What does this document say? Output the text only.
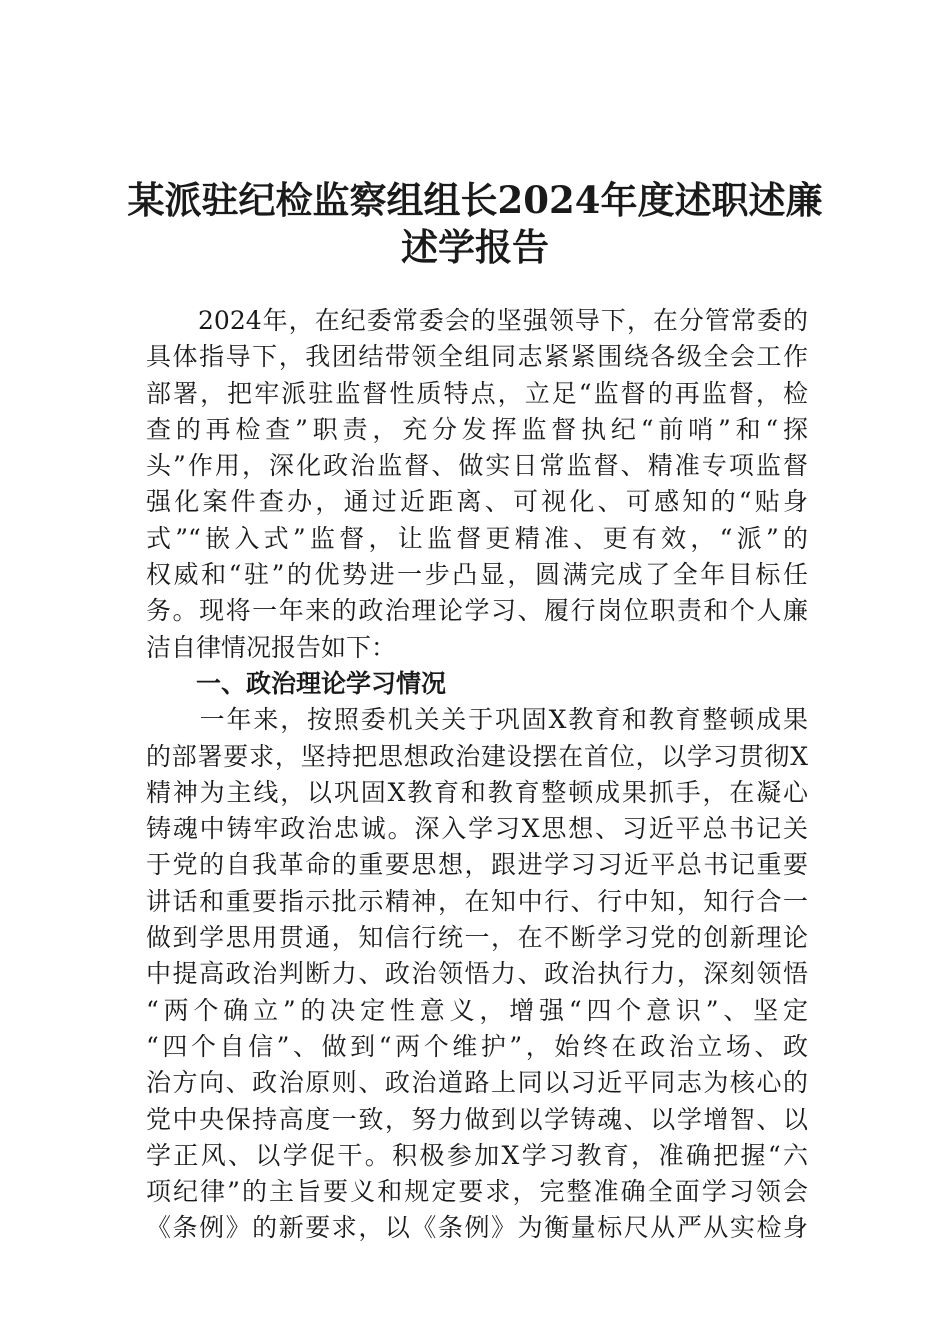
某派驻纪检监察组组长2024年度述职述廉
述学报告
　　2024年，在纪委常委会的坚强领导下，在分管常委的
具体指导下，我团结带领全组同志紧紧围绕各级全会工作
部署，把牢派驻监督性质特点，立足“监督的再监督，检
查的再检查”职责，充分发挥监督执纪“前哨”和“探
头”作用，深化政治监督、做实日常监督、精准专项监督
强化案件查办，通过近距离、可视化、可感知的“贴身
式”“嵌入式”监督，让监督更精准、更有效，“派”的
权威和“驻”的优势进一步凸显，圆满完成了全年目标任
务。现将一年来的政治理论学习、履行岗位职责和个人廉
洁自律情况报告如下：
一、政治理论学习情况
　　一年来，按照委机关关于巩固X教育和教育整顿成果
的部署要求，坚持把思想政治建设摆在首位，以学习贯彻X
精神为主线，以巩固X教育和教育整顿成果抓手，在凝心
铸魂中铸牢政治忠诚。深入学习X思想、习近平总书记关
于党的自我革命的重要思想，跟进学习习近平总书记重要
讲话和重要指示批示精神，在知中行、行中知，知行合一
做到学思用贯通，知信行统一，在不断学习党的创新理论
中提高政治判断力、政治领悟力、政治执行力，深刻领悟
“两个确立”的决定性意义，增强“四个意识”、坚定
“四个自信”、做到“两个维护”，始终在政治立场、政
治方向、政治原则、政治道路上同以习近平同志为核心的
党中央保持高度一致，努力做到以学铸魂、以学增智、以
学正风、以学促干。积极参加X学习教育，准确把握“六
项纪律”的主旨要义和规定要求，完整准确全面学习领会
《条例》的新要求，以《条例》为衡量标尺从严从实检身
